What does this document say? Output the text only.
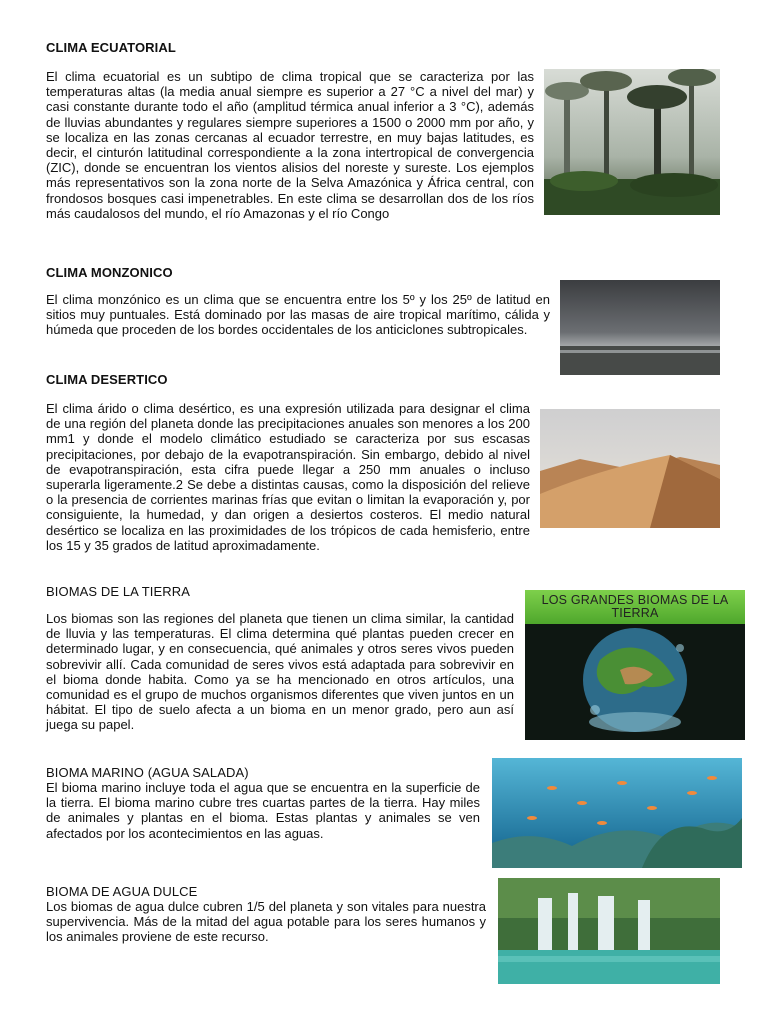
CLIMA ECUATORIAL

El clima ecuatorial es un subtipo de clima tropical que se caracteriza por las temperaturas altas (la media anual siempre es superior a 27 °C a nivel del mar) y casi constante durante todo el año (amplitud térmica anual inferior a 3 °C), además de lluvias abundantes y regulares siempre superiores a 1500 o 2000 mm por año, y se localiza en las zonas cercanas al ecuador terrestre, en muy bajas latitudes, es decir, el cinturón latitudinal correspondiente a la zona intertropical de convergencia (ZIC), donde se encuentran los vientos alisios del noreste y sureste. Los ejemplos más representativos son la zona norte de la Selva Amazónica y África central, con frondosos bosques casi impenetrables. En este clima se desarrollan dos de los ríos más caudalosos del mundo, el río Amazonas y el río Congo

CLIMA MONZONICO

El clima monzónico es un clima que se encuentra entre los 5º y los 25º de latitud en sitios muy puntuales. Está dominado por las masas de aire tropical marítimo, cálida y húmeda que proceden de los bordes occidentales de los anticiclones subtropicales.

CLIMA DESERTICO

El clima árido o clima desértico, es una expresión utilizada para designar el clima de una región del planeta donde las precipitaciones anuales son menores a los 200 mm1 y donde el modelo climático estudiado se caracteriza por sus escasas precipitaciones, por debajo de la evapotranspiración. Sin embargo, debido al nivel de evapotranspiración, esta cifra puede llegar a 250 mm anuales o incluso superarla ligeramente.2 Se debe a distintas causas, como la disposición del relieve o la presencia de corrientes marinas frías que evitan o limitan la evaporación y, por consiguiente, la humedad, y dan origen a desiertos costeros. El medio natural desértico se localiza en las proximidades de los trópicos de cada hemisferio, entre los 15 y 35 grados de latitud aproximadamente.

BIOMAS DE LA TIERRA

Los biomas son las regiones del planeta que tienen un clima similar, la cantidad de lluvia y las temperaturas. El clima determina qué plantas pueden crecer en determinado lugar, y en consecuencia, qué animales y otros seres vivos pueden sobrevivir allí. Cada comunidad de seres vivos está adaptada para sobrevivir en el bioma donde habita. Como ya se ha mencionado en otros artículos, una comunidad es el grupo de muchos organismos diferentes que viven juntos en un hábitat. El tipo de suelo afecta a un bioma en un menor grado, pero aun así juega su papel.

LOS GRANDES BIOMAS DE LA TIERRA
BIOMA MARINO (AGUA SALADA)

El bioma marino incluye toda el agua que se encuentra en la superficie de la tierra. El bioma marino cubre tres cuartas partes de la tierra. Hay miles de animales y plantas en el bioma. Estas plantas y animales se ven afectados por los acontecimientos en las aguas.

BIOMA DE AGUA DULCE

Los biomas de agua dulce cubren 1/5 del planeta y son vitales para nuestra supervivencia. Más de la mitad del agua potable para los seres humanos y los animales proviene de este recurso.
